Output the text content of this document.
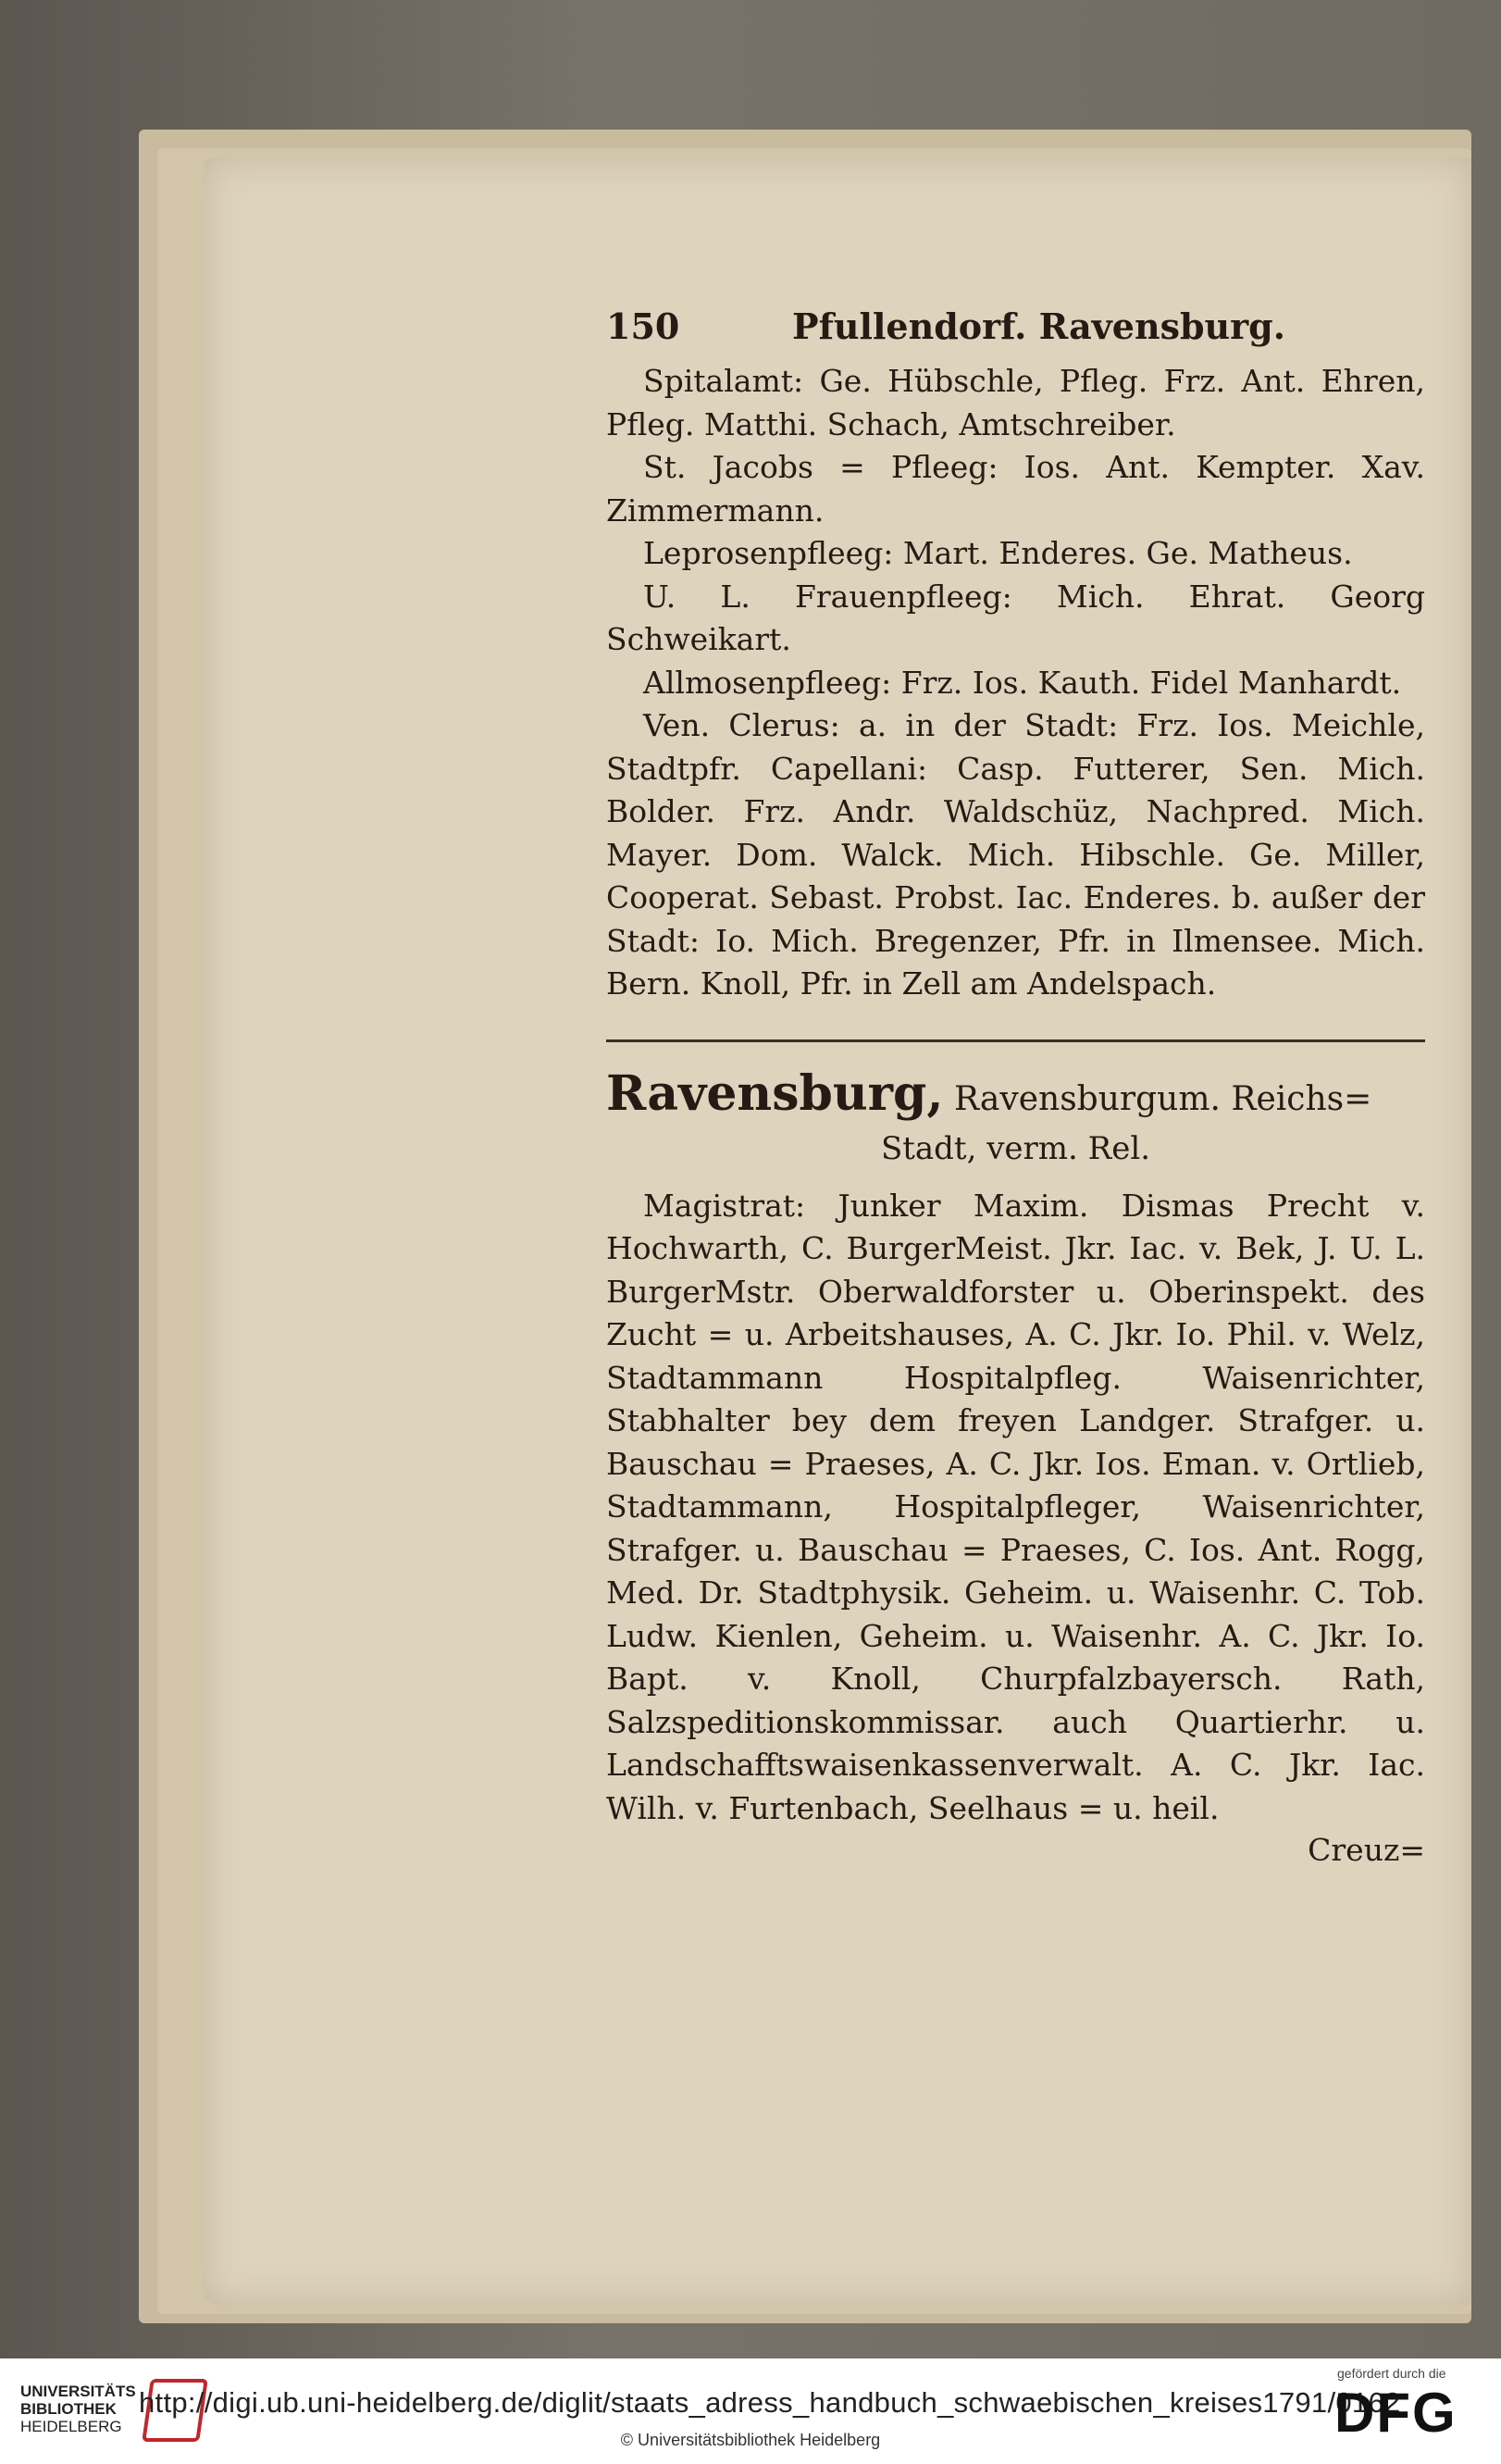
150	Pfullendorf. Ravensburg.

Spitalamt: Ge. Hübschle, Pfleg. Frz. Ant. Ehren, Pfleg. Matthi. Schach, Amtschreiber.

St. Jacobs = Pfleeg: Ios. Ant. Kempter. Xav. Zimmermann.

Leprosenpfleeg: Mart. Enderes. Ge. Matheus.

U. L. Frauenpfleeg: Mich. Ehrat. Georg Schweikart.

Allmosenpfleeg: Frz. Ios. Kauth. Fidel Manhardt.

Ven. Clerus: a. in der Stadt: Frz. Ios. Meichle, Stadtpfr. Capellani: Casp. Futterer, Sen. Mich. Bolder. Frz. Andr. Waldschüz, Nachpred. Mich. Mayer. Dom. Walck. Mich. Hibschle. Ge. Miller, Cooperat. Sebast. Probst. Iac. Enderes. b. außer der Stadt: Io. Mich. Bregenzer, Pfr. in Ilmensee. Mich. Bern. Knoll, Pfr. in Zell am Andelspach.

Ravensburg, Ravensburgum. Reichs=

Stadt, verm. Rel.

Magistrat: Junker Maxim. Dismas Precht v. Hochwarth, C. BurgerMeist. Jkr. Iac. v. Bek, J. U. L. BurgerMstr. Oberwaldforster u. Oberinspekt. des Zucht = u. Arbeitshauses, A. C. Jkr. Io. Phil. v. Welz, Stadtammann Hospitalpfleg. Waisenrichter, Stabhalter bey dem freyen Landger. Strafger. u. Bauschau = Praeses, A. C. Jkr. Ios. Eman. v. Ortlieb, Stadtammann, Hospitalpfleger, Waisenrichter, Strafger. u. Bauschau = Praeses, C. Ios. Ant. Rogg, Med. Dr. Stadtphysik. Geheim. u. Waisenhr. C. Tob. Ludw. Kienlen, Geheim. u. Waisenhr. A. C. Jkr. Io. Bapt. v. Knoll, Churpfalzbayersch. Rath, Salzspeditionskommissar. auch Quartierhr. u. Landschafftswaisenkassenverwalt. A. C. Jkr. Iac. Wilh. v. Furtenbach, Seelhaus = u. heil.

Creuz=
UNIVERSITÄTS
BIBLIOTHEK
HEIDELBERG
http://digi.ub.uni-heidelberg.de/diglit/staats_adress_handbuch_schwaebischen_kreises1791/0162
© Universitätsbibliothek Heidelberg
gefördert durch die
DFG
